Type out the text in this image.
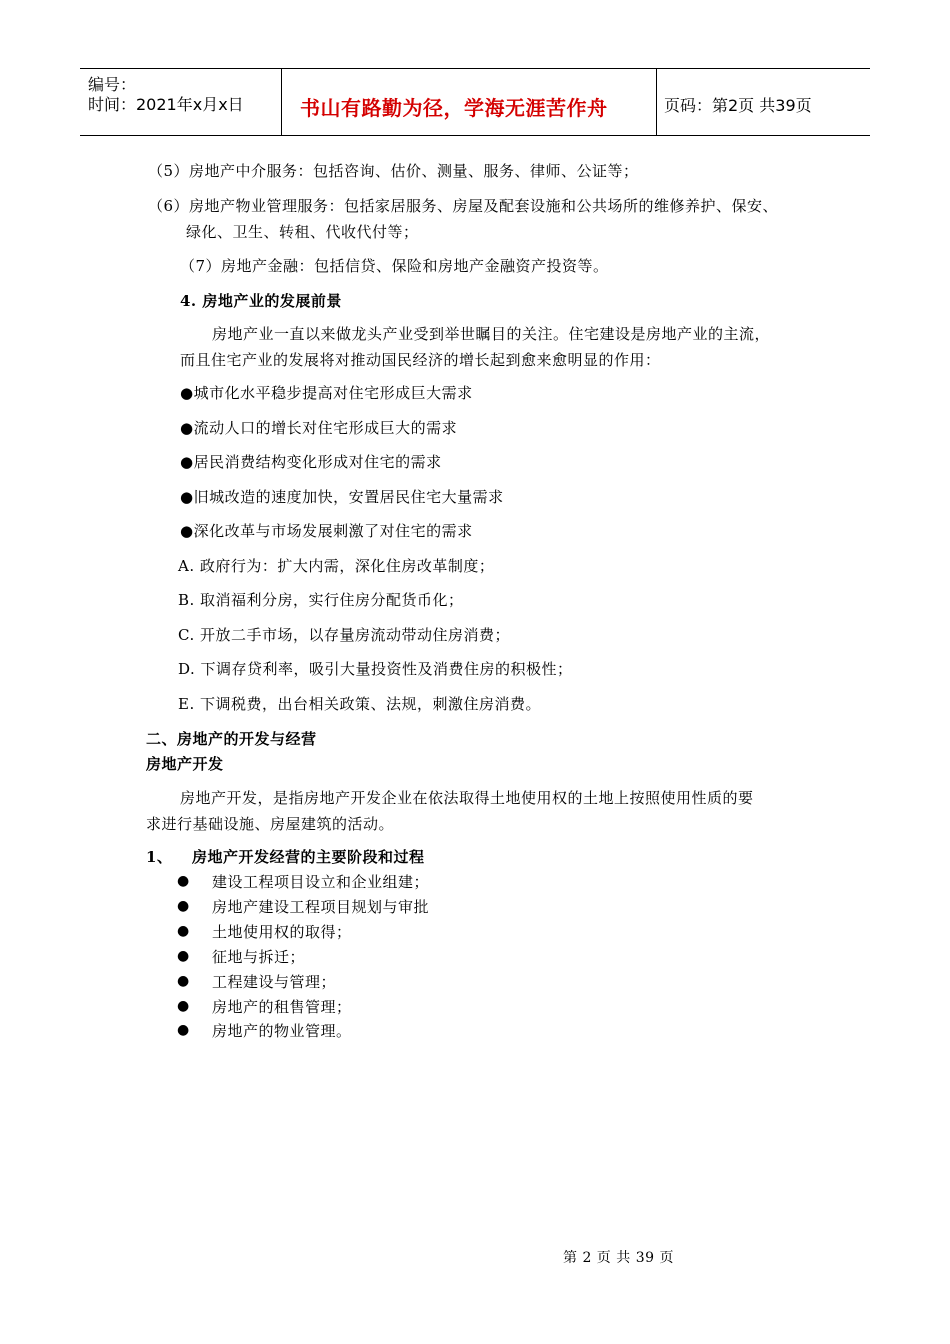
编号：
时间：2021年x月x日	书山有路勤为径，学海无涯苦作舟	页码：第2页 共39页
（5）房地产中介服务：包括咨询、估价、测量、服务、律师、公证等；
（6）房地产物业管理服务：包括家居服务、房屋及配套设施和公共场所的维修养护、保安、
绿化、卫生、转租、代收代付等；
（7）房地产金融：包括信贷、保险和房地产金融资产投资等。
4. 房地产业的发展前景
房地产业一直以来做龙头产业受到举世瞩目的关注。住宅建设是房地产业的主流，
而且住宅产业的发展将对推动国民经济的增长起到愈来愈明显的作用：
●城市化水平稳步提高对住宅形成巨大需求
●流动人口的增长对住宅形成巨大的需求
●居民消费结构变化形成对住宅的需求
●旧城改造的速度加快，安置居民住宅大量需求
●深化改革与市场发展刺激了对住宅的需求
A. 政府行为：扩大内需，深化住房改革制度；
B. 取消福利分房，实行住房分配货币化；
C. 开放二手市场，以存量房流动带动住房消费；
D. 下调存贷利率，吸引大量投资性及消费住房的积极性；
E. 下调税费，出台相关政策、法规，刺激住房消费。
二、房地产的开发与经营
房地产开发
房地产开发，是指房地产开发企业在依法取得土地使用权的土地上按照使用性质的要
求进行基础设施、房屋建筑的活动。
1、 房地产开发经营的主要阶段和过程
● 建设工程项目设立和企业组建；
● 房地产建设工程项目规划与审批
● 土地使用权的取得；
● 征地与拆迁；
● 工程建设与管理；
● 房地产的租售管理；
● 房地产的物业管理。
第 2 页 共 39 页
